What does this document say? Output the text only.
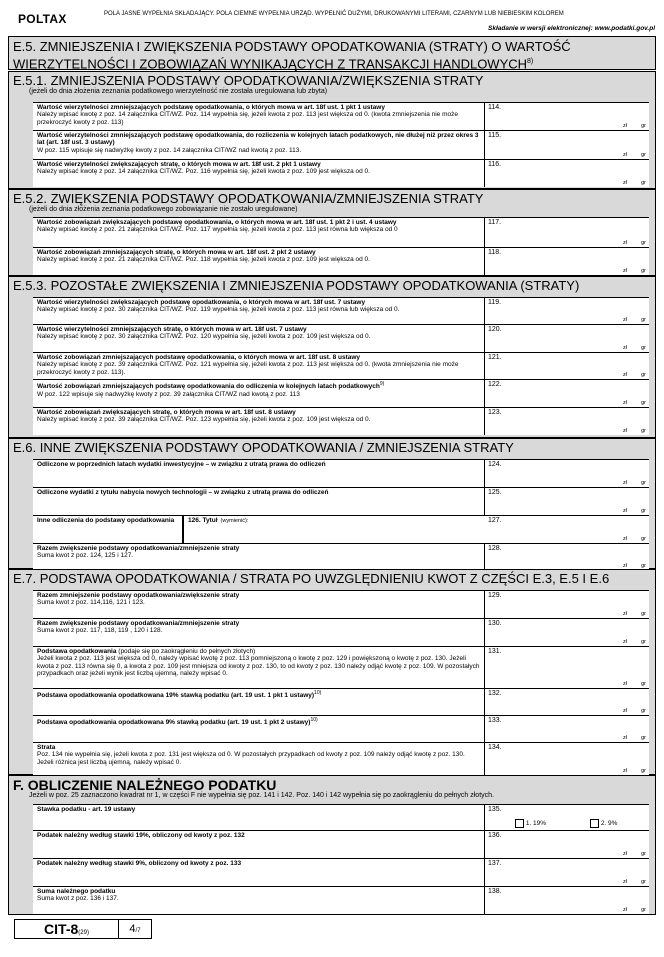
POLTAX	POLA JASNE WYPEŁNIA SKŁADAJĄCY. POLA CIEMNE WYPEŁNIA URZĄD. WYPEŁNIĆ DUŻYMI, DRUKOWANYMI LITERAMI, CZARNYM LUB NIEBIESKIM KOLOREM
Składanie w wersji elektronicznej: www.podatki.gov.pl
E.5. ZMNIEJSZENIA I ZWIĘKSZENIA PODSTAWY OPODATKOWANIA (STRATY) O WARTOŚĆ WIERZYTELNOŚCI I ZOBOWIĄZAŃ WYNIKAJĄCYCH Z TRANSAKCJI HANDLOWYCH$^{8)}$
E.5.1. ZMNIEJSZENIA PODSTAWY OPODATKOWANIA/ZWIĘKSZENIA STRATY
(jeżeli do dnia złożenia zeznania podatkowego wierzytelność nie została uregulowana lub zbyta)
Wartość wierzytelności zmniejszających podstawę opodatkowania, o których mowa w art. 18f ust. 1 pkt 1 ustawy
Należy wpisać kwotę z poz. 14 załącznika CIT/WZ. Poz. 114 wypełnia się, jeżeli kwota z poz. 113 jest większa od 0. (kwota zmniejszenia nie może przekroczyć kwoty z poz. 113)
114.
zł	gr
Wartość wierzytelności zmniejszających podstawę opodatkowania, do rozliczenia w kolejnych latach podatkowych, nie dłużej niż przez okres 3 lat (art. 18f ust. 3 ustawy)
W poz. 115 wpisuje się nadwyżkę kwoty z poz. 14 załącznika CIT/WZ nad kwotą z poz. 113.
115.
zł	gr
Wartość wierzytelności zwiększających stratę, o których mowa w art. 18f ust. 2 pkt 1 ustawy
Należy wpisać kwotę z poz. 14 załącznika CIT/WZ. Poz. 116 wypełnia się, jeżeli kwota z poz. 109 jest większa od 0.
116.
zł	gr
E.5.2. ZWIĘKSZENIA PODSTAWY OPODATKOWANIA/ZMNIEJSZENIA STRATY
(jeżeli do dnia złożenia zeznania podatkowego zobowiązanie nie zostało uregulowane)
Wartość zobowiązań zwiększających podstawę opodatkowania, o których mowa w art. 18f ust. 1 pkt 2 i ust. 4 ustawy
Należy wpisać kwotę z poz. 21 załącznika CIT/WZ. Poz. 117 wypełnia się, jeżeli kwota z poz. 113 jest równa lub większa od 0
117.
zł	gr
Wartość zobowiązań zmniejszających stratę, o których mowa w art. 18f ust. 2 pkt 2 ustawy
Należy wpisać kwotę z poz. 21 załącznika CIT/WZ. Poz. 118 wypełnia się, jeżeli kwota z poz. 109 jest większa od 0.
118.
zł	gr
E.5.3. POZOSTAŁE ZWIĘKSZENIA I ZMNIEJSZENIA PODSTAWY OPODATKOWANIA (STRATY)
Wartość wierzytelności zwiększających podstawę opodatkowania, o których mowa w art. 18f ust. 7 ustawy
Należy wpisać kwotę z poz. 30 załącznika CIT/WZ. Poz. 119 wypełnia się, jeżeli kwota z poz. 113 jest równa lub większa od 0.
119.
zł	gr
Wartość wierzytelności zmniejszających stratę, o których mowa w art. 18f ust. 7 ustawy
Należy wpisać kwotę z poz. 30 załącznika CIT/WZ. Poz. 120 wypełnia się, jeżeli kwota z poz. 109 jest większa od 0.
120.
zł	gr
Wartość zobowiązań zmniejszających podstawę opodatkowania, o których mowa w art. 18f ust. 8 ustawy
Należy wpisać kwotę z poz. 39 załącznika CIT/WZ. Poz. 121 wypełnia się, jeżeli kwota z poz. 113 jest większa od 0. (kwota zmniejszenia nie może przekroczyć kwoty z poz. 113).
121.
zł	gr
Wartość zobowiązań zmniejszających podstawę opodatkowania do odliczenia w kolejnych latach podatkowych$^{9)}$
W poz. 122 wpisuje się nadwyżkę kwoty z poz. 39 załącznika CIT/WZ nad kwotą z poz. 113
122.
zł	gr
Wartość zobowiązań zwiększających stratę, o których mowa w art. 18f ust. 8 ustawy
Należy wpisać kwotę z poz. 39 załącznika CIT/WZ. Poz. 123 wypełnia się, jeżeli kwota z poz. 109 jest większa od 0.
123.
zł	gr
E.6. INNE ZWIĘKSZENIA PODSTAWY OPODATKOWANIA / ZMNIEJSZENIA STRATY
Odliczone w poprzednich latach wydatki inwestycyjne – w związku z utratą prawa do odliczeń	124.
zł	gr
Odliczone wydatki z tytułu nabycia nowych technologii – w związku z utratą prawa do odliczeń	125.
zł	gr
Inne odliczenia do podstawy opodatkowania	126. Tytuł (wymienić):	127.
zł	gr
Razem zwiększenie podstawy opodatkowania/zmniejszenie straty
Suma kwot z poz. 124, 125 i 127.
128.
zł	gr
E.7. PODSTAWA OPODATKOWANIA / STRATA PO UWZGLĘDNIENIU KWOT Z CZĘŚCI E.3, E.5 I E.6
Razem zmniejszenie podstawy opodatkowania/zwiększenie straty
Suma kwot z poz. 114,116, 121 i 123.
129.
zł	gr
Razem zwiększenie podstawy opodatkowania/zmniejszenie straty
Suma kwot z poz. 117, 118, 119 , 120 i 128.
130.
zł	gr
Podstawa opodatkowania (podaje się po zaokrągleniu do pełnych złotych)
Jeżeli kwota z poz. 113 jest większa od 0, należy wpisać kwotę z poz. 113 pomniejszoną o kwotę z poz. 129 i powiększoną o kwotę z poz. 130. Jeżeli kwota z poz. 113 równa się 0, a kwota z poz. 109 jest mniejsza od kwoty z poz. 130, to od kwoty z poz. 130 należy odjąć kwotę z poz. 109. W pozostałych przypadkach oraz jeżeli wynik jest liczbą ujemną, należy wpisać 0.
131.
zł	gr
Podstawa opodatkowania opodatkowana 19% stawką podatku (art. 19 ust. 1 pkt 1 ustawy)$^{10)}$	132.
zł	gr
Podstawa opodatkowania opodatkowana 9% stawką podatku (art. 19 ust. 1 pkt 2 ustawy)$^{10)}$	133.
zł	gr
Strata
Poz. 134 nie wypełnia się, jeżeli kwota z poz. 131 jest większa od 0. W pozostałych przypadkach od kwoty z poz. 109 należy odjąć kwotę z poz. 130. Jeżeli różnica jest liczbą ujemną, należy wpisać 0.
134.
zł	gr
F. OBLICZENIE NALEŻNEGO PODATKU
Jeżeli w poz. 25 zaznaczono kwadrat nr 1, w części F nie wypełnia się poz. 141 i 142. Poz. 140 i 142 wypełnia się po zaokrągleniu do pełnych złotych.
Stawka podatku - art. 19 ustawy	135.
1. 19%	2. 9%
Podatek należny według stawki 19%, obliczony od kwoty z poz. 132	136.
zł	gr
Podatek należny według stawki 9%, obliczony od kwoty z poz. 133	137.
zł	gr
Suma należnego podatku
Suma kwot z poz. 136 i 137.
138.
zł	gr
CIT-8(29)	4/7
